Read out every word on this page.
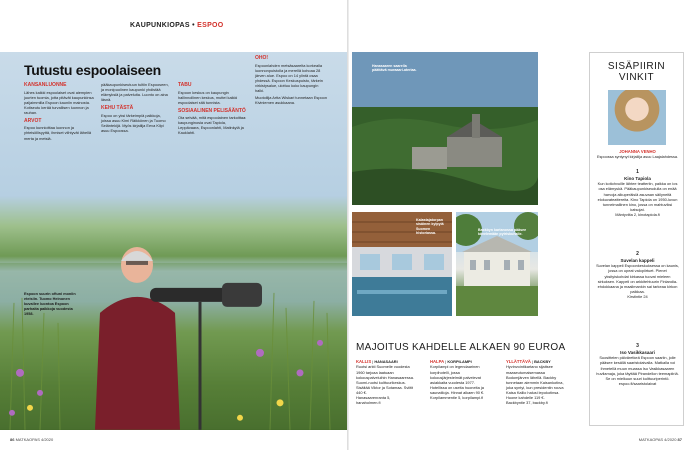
KAUPUNKIOPAS • ESPOO
Espoon suurin oftuni moniin eteisiin. Tuomo Heinonen kuvailee luontoa Espoon parhaita paikkoja vuodesta 1958.
Tutustu espoolaiseen
KANSANLUONNE

Lähes kaikki espoolaiset ovat aiempien juurten tuomia, jotta pitävät kaupunkinsa paljaimmilla Espoon kauniin mainosta. Kotiseutu kerää turvallisen luonnon ja rauhan.

ARVOT

Espoo kunnioittaa luonnon ja yhteisöllisyyttä, ihmiset viihtyvät lähellä merta ja metsiä.

pääkaupunkiseutuun tultiin Espooseen, ja monipuolinen kaupunki yhdistää elämyksiä ja palveluita. Luonto on aina läsnä.

KEHU TÄSTÄ

Espoo on yksi tärkeimpiä paikkoja, joissa asuu Kimi Räikkönen ja Tuomo Seläntekijä. Myös kirjailija Eeva Kilpi asuu Espoossa.

TABU

Espoon keskus on kaupungin hallinnollinen keskus, muttei kaikki espoolaiset sitä tunnista.

SOSIAALINEN PELISÄÄNTÖ

Ota selvää, mitä espoolainen tarkoittaa: kaupunginosia ovat Tapiola, Leppävaara, Espoonlahti, Matinkylä ja Kauklahti.

OHO!

Espoonlahden metsäsaarelta korkealla luonnonpuistolla ja merellä kohoaa 28 järven alue. Espoo on 14 ylintä osaa yhdessä. Espoon Keskuspuisto, tärkein virkistysalue, ulottuu koko kaupungin halki.

Muotoilija Artta Wiskari tunnetaan Espoon Kiviniemen asukkaana.

86 MATKAOPAS 4/2020
Hanasaaren saarella päättävä muraaari-ateriaa.
Kalastajatorpan sisäinen kylpylä Suomen historiassa.
Backbyn kartanossa pääsee kävelemään pytriskuhalle.
MAJOITUS KAHDELLE ALKAEN 90 EUROA
KALLIS | HANASAARI
Ruotsi arkti Suomelle vuodesta 1960 tarjoaa laatuaan kokouspalveluihin Hanasaaressa. Suomi-ruotsi kulttuurikeskus. Sisältää Viktor ja Sotamaa. Sviitit 440 €.
Hanasaarenranta 5, hanaholmen.fi
HALPA | KORPILAMPI
Korpilampi on legendaarinen korpihotelli, jossa kokousjärjestelmät palvelevat asiakkaita vuodesta 1977. Hotellissa on useita huoneita ja saunatiloja. Hinnat alkaen 90 €.
Korpilammentie 5, korpilampi.fi
YLLÄTTÄVÄ | BACKBY
Hyvinvointikartano sijaitsee maaseutumaisemassa Bodomjärven lähellä. Backby tunnetaan aiemmin Kaisankotina, joka syntyi, kun presidentin rouva Kaisa Kallio halusi lepokotinsa. Huone kahdelle 119 €.
Backbyntie 37, backby.fi
SISÄPIIRIN
VINKIT
JOHANNA VENHO
Espoossa syntynyt kirjailija asuu Laajalahdessa.
1
Kino Tapiola
Kun kotiohvuille lähtee teatteriin, paikka on ios osa elämyskä. Pääkaupunkiseudulla on enää harvoja alkuperäisiä asuvaan säilyneitä elokuvateattereita. Kino Tapiola on 1950-luvun tunnelmallinen kino, jossa on mahtuviksi katsojat.
Mäntyviita 2, kinotapiola.fi
2
Suvelan kappeli
Suvelan kappeli Espoonkeskuksessa on kaunis, jossa on upeat valopiirtuet. Pienet yksityiskohdat kirkassa tuovat mieleen sirkuksen. Kappeli on arkkitehtuurin Finlandia-ehdokkaana ja maailmankin sai tarkeaa kirkon paikkaa.
Kirstintie 24
3
Iso Vasikkasaari
Suosittelen päiväretkeä Espoon saariin, jolle pääsee kesällä saaristolaivalla. Matkalla voi ihmetellä muun muassa Iso Vasikkasaaren huvilamaja, joka täyttää Pirandellon teemapiiriä. Se on mielkuun suuri kulttuuriperintö.
espoo.fi/saaristolaivat
MATKAOPAS 4/2020 87
